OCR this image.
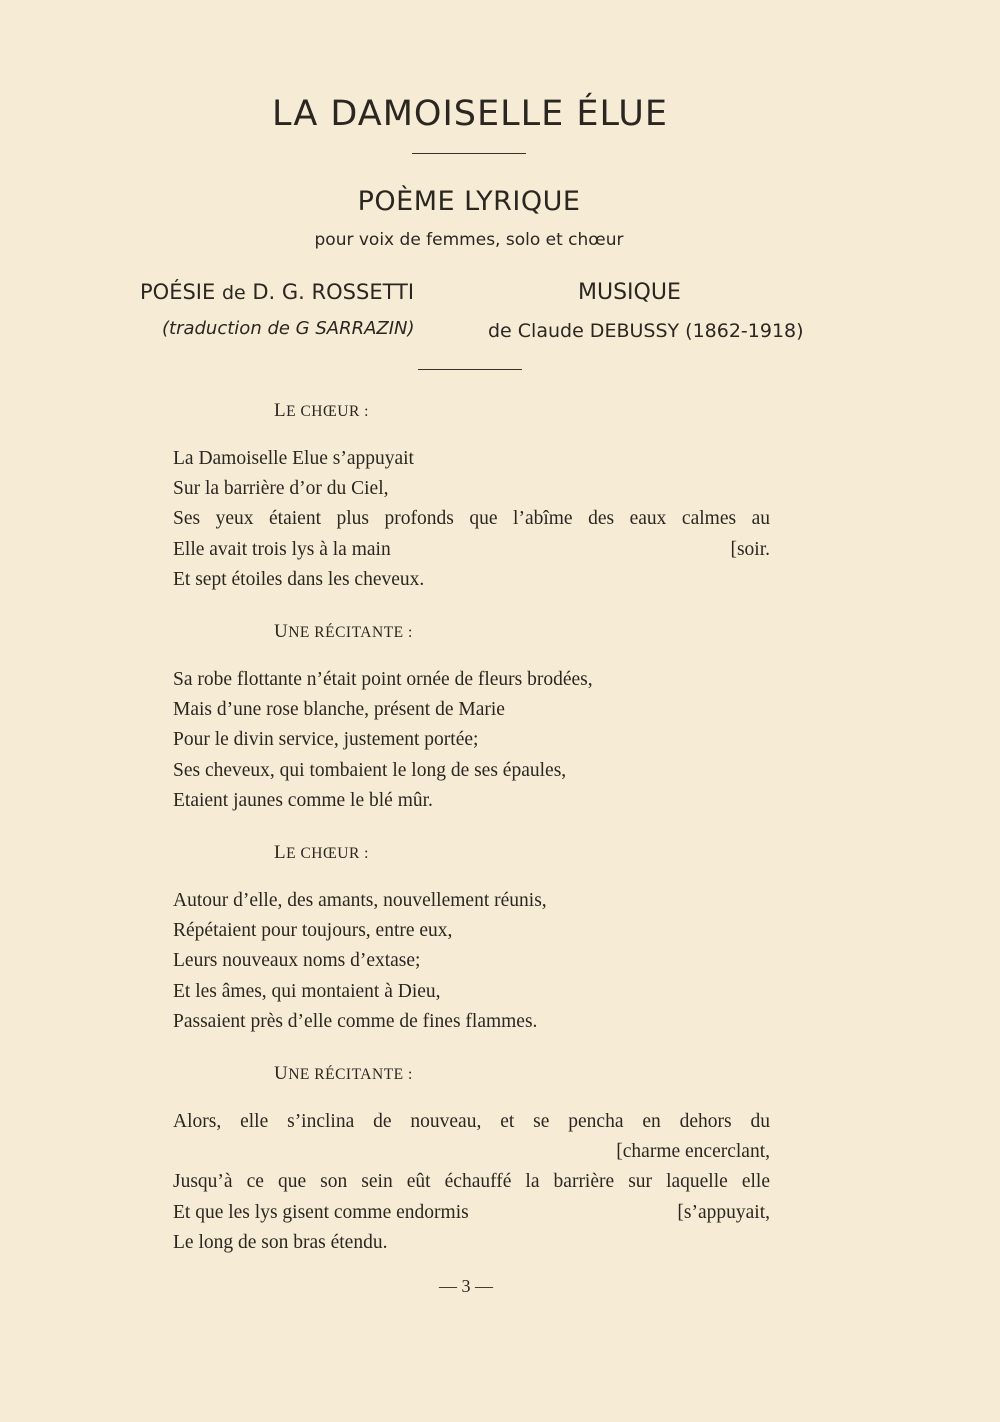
LA DAMOISELLE ÉLUE
POÈME LYRIQUE
pour voix de femmes, solo et chœur
POÉSIE de D. G. ROSSETTI
(traduction de G SARRAZIN)
MUSIQUE
de Claude DEBUSSY (1862-1918)
LE CHŒUR :
La Damoiselle Elue s’appuyait
Sur la barrière d’or du Ciel,
Ses yeux étaient plus profonds que l’abîme des eaux calmes au
Elle avait trois lys à la main	[soir.
Et sept étoiles dans les cheveux.
UNE RÉCITANTE :
Sa robe flottante n’était point ornée de fleurs brodées,
Mais d’une rose blanche, présent de Marie
Pour le divin service, justement portée;
Ses cheveux, qui tombaient le long de ses épaules,
Etaient jaunes comme le blé mûr.
LE CHŒUR :
Autour d’elle, des amants, nouvellement réunis,
Répétaient pour toujours, entre eux,
Leurs nouveaux noms d’extase;
Et les âmes, qui montaient à Dieu,
Passaient près d’elle comme de fines flammes.
UNE RÉCITANTE :
Alors, elle s’inclina de nouveau, et se pencha en dehors du
[charme encerclant,
Jusqu’à ce que son sein eût échauffé la barrière sur laquelle elle
Et que les lys gisent comme endormis	[s’appuyait,
Le long de son bras étendu.
— 3 —
